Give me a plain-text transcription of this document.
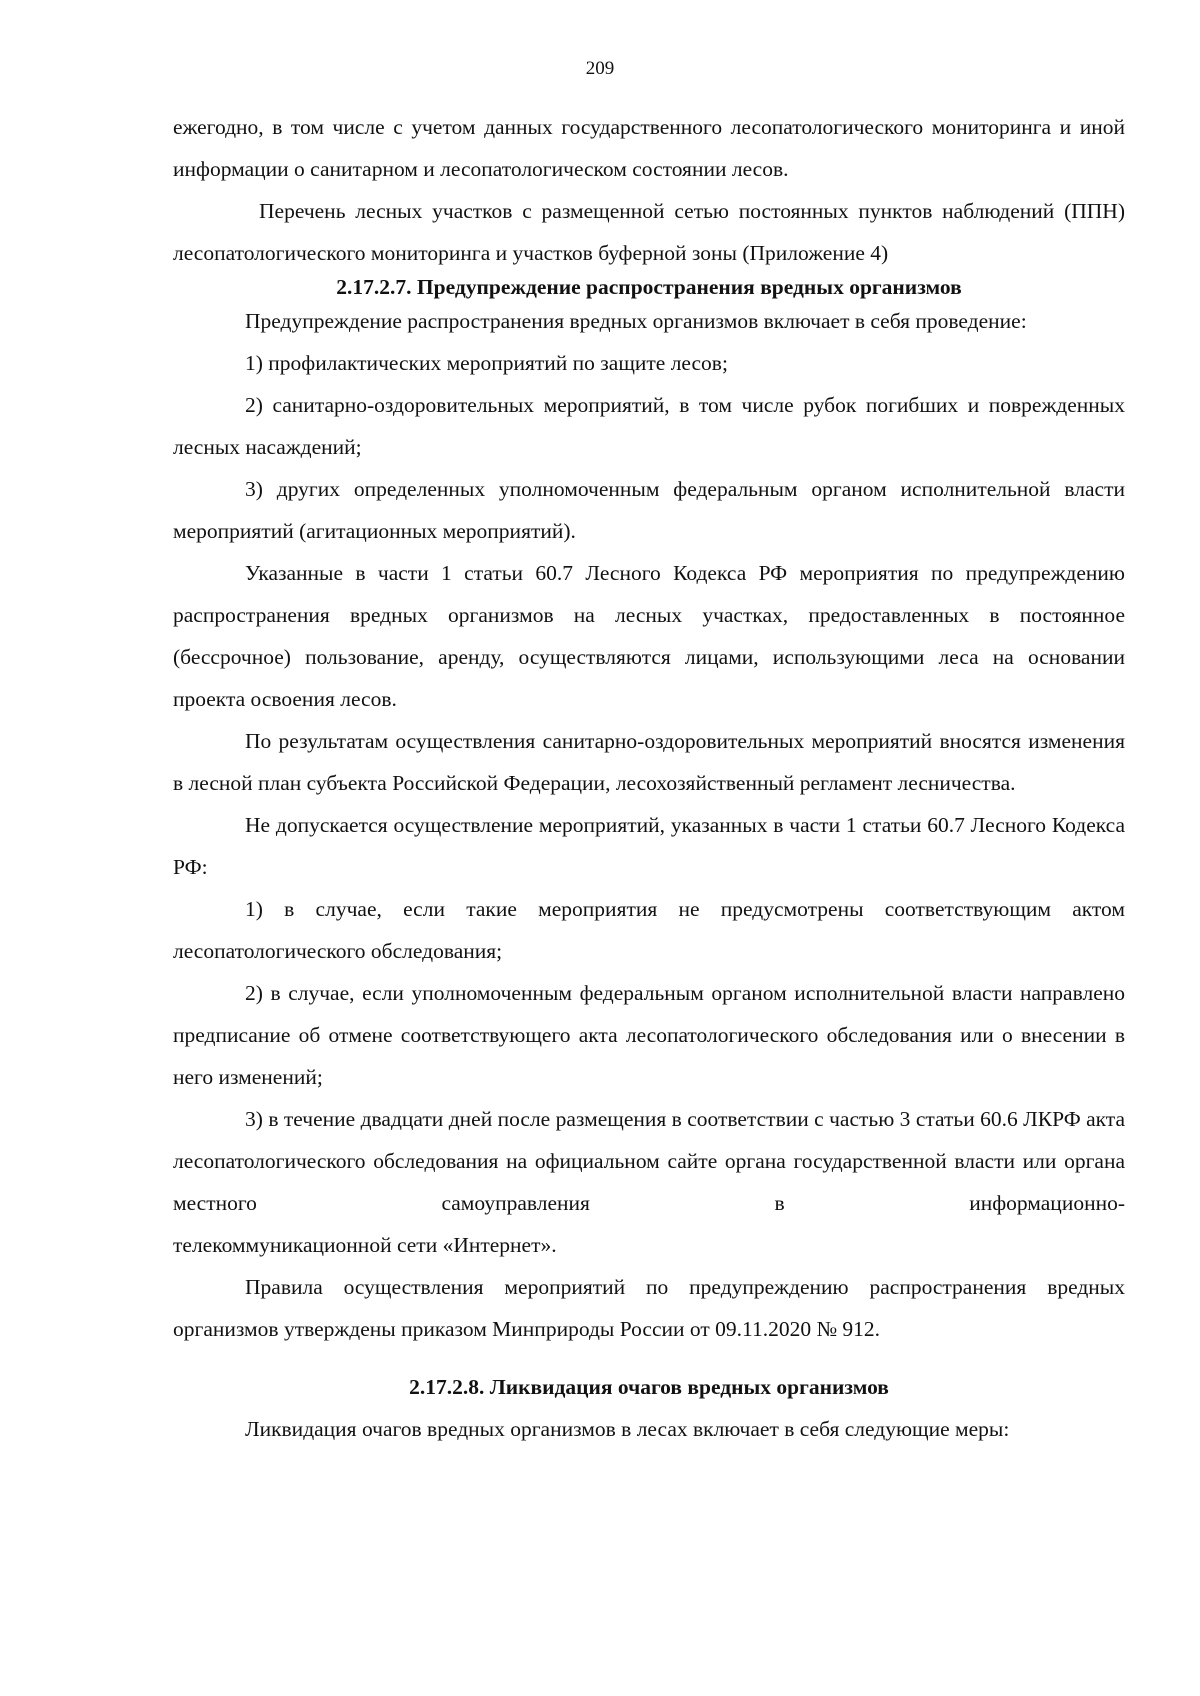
209

ежегодно, в том числе с учетом данных государственного лесопатологического мониторинга и иной информации о санитарном и лесопатологическом состоянии лесов.

Перечень лесных участков с размещенной сетью постоянных пунктов наблюдений (ППН) лесопатологического мониторинга и участков буферной зоны (Приложение 4)

2.17.2.7. Предупреждение распространения вредных организмов

Предупреждение распространения вредных организмов включает в себя проведение:

1) профилактических мероприятий по защите лесов;

2) санитарно-оздоровительных мероприятий, в том числе рубок погибших и поврежденных лесных насаждений;

3) других определенных уполномоченным федеральным органом исполнительной власти мероприятий (агитационных мероприятий).

Указанные в части 1 статьи 60.7 Лесного Кодекса РФ мероприятия по предупреждению распространения вредных организмов на лесных участках, предоставленных в постоянное (бессрочное) пользование, аренду, осуществляются лицами, использующими леса на основании проекта освоения лесов.

По результатам осуществления санитарно-оздоровительных мероприятий вносятся изменения в лесной план субъекта Российской Федерации, лесохозяйственный регламент лесничества.

Не допускается осуществление мероприятий, указанных в части 1 статьи 60.7 Лесного Кодекса РФ:

1) в случае, если такие мероприятия не предусмотрены соответствующим актом лесопатологического обследования;

2) в случае, если уполномоченным федеральным органом исполнительной власти направлено предписание об отмене соответствующего акта лесопатологического обследования или о внесении в него изменений;

3) в течение двадцати дней после размещения в соответствии с частью 3 статьи 60.6 ЛКРФ акта лесопатологического обследования на официальном сайте органа государственной власти или органа местного самоуправления в информационно-

телекоммуникационной сети «Интернет».

Правила осуществления мероприятий по предупреждению распространения вредных организмов утверждены приказом Минприроды России от 09.11.2020 № 912.

2.17.2.8. Ликвидация очагов вредных организмов

Ликвидация очагов вредных организмов в лесах включает в себя следующие меры:
